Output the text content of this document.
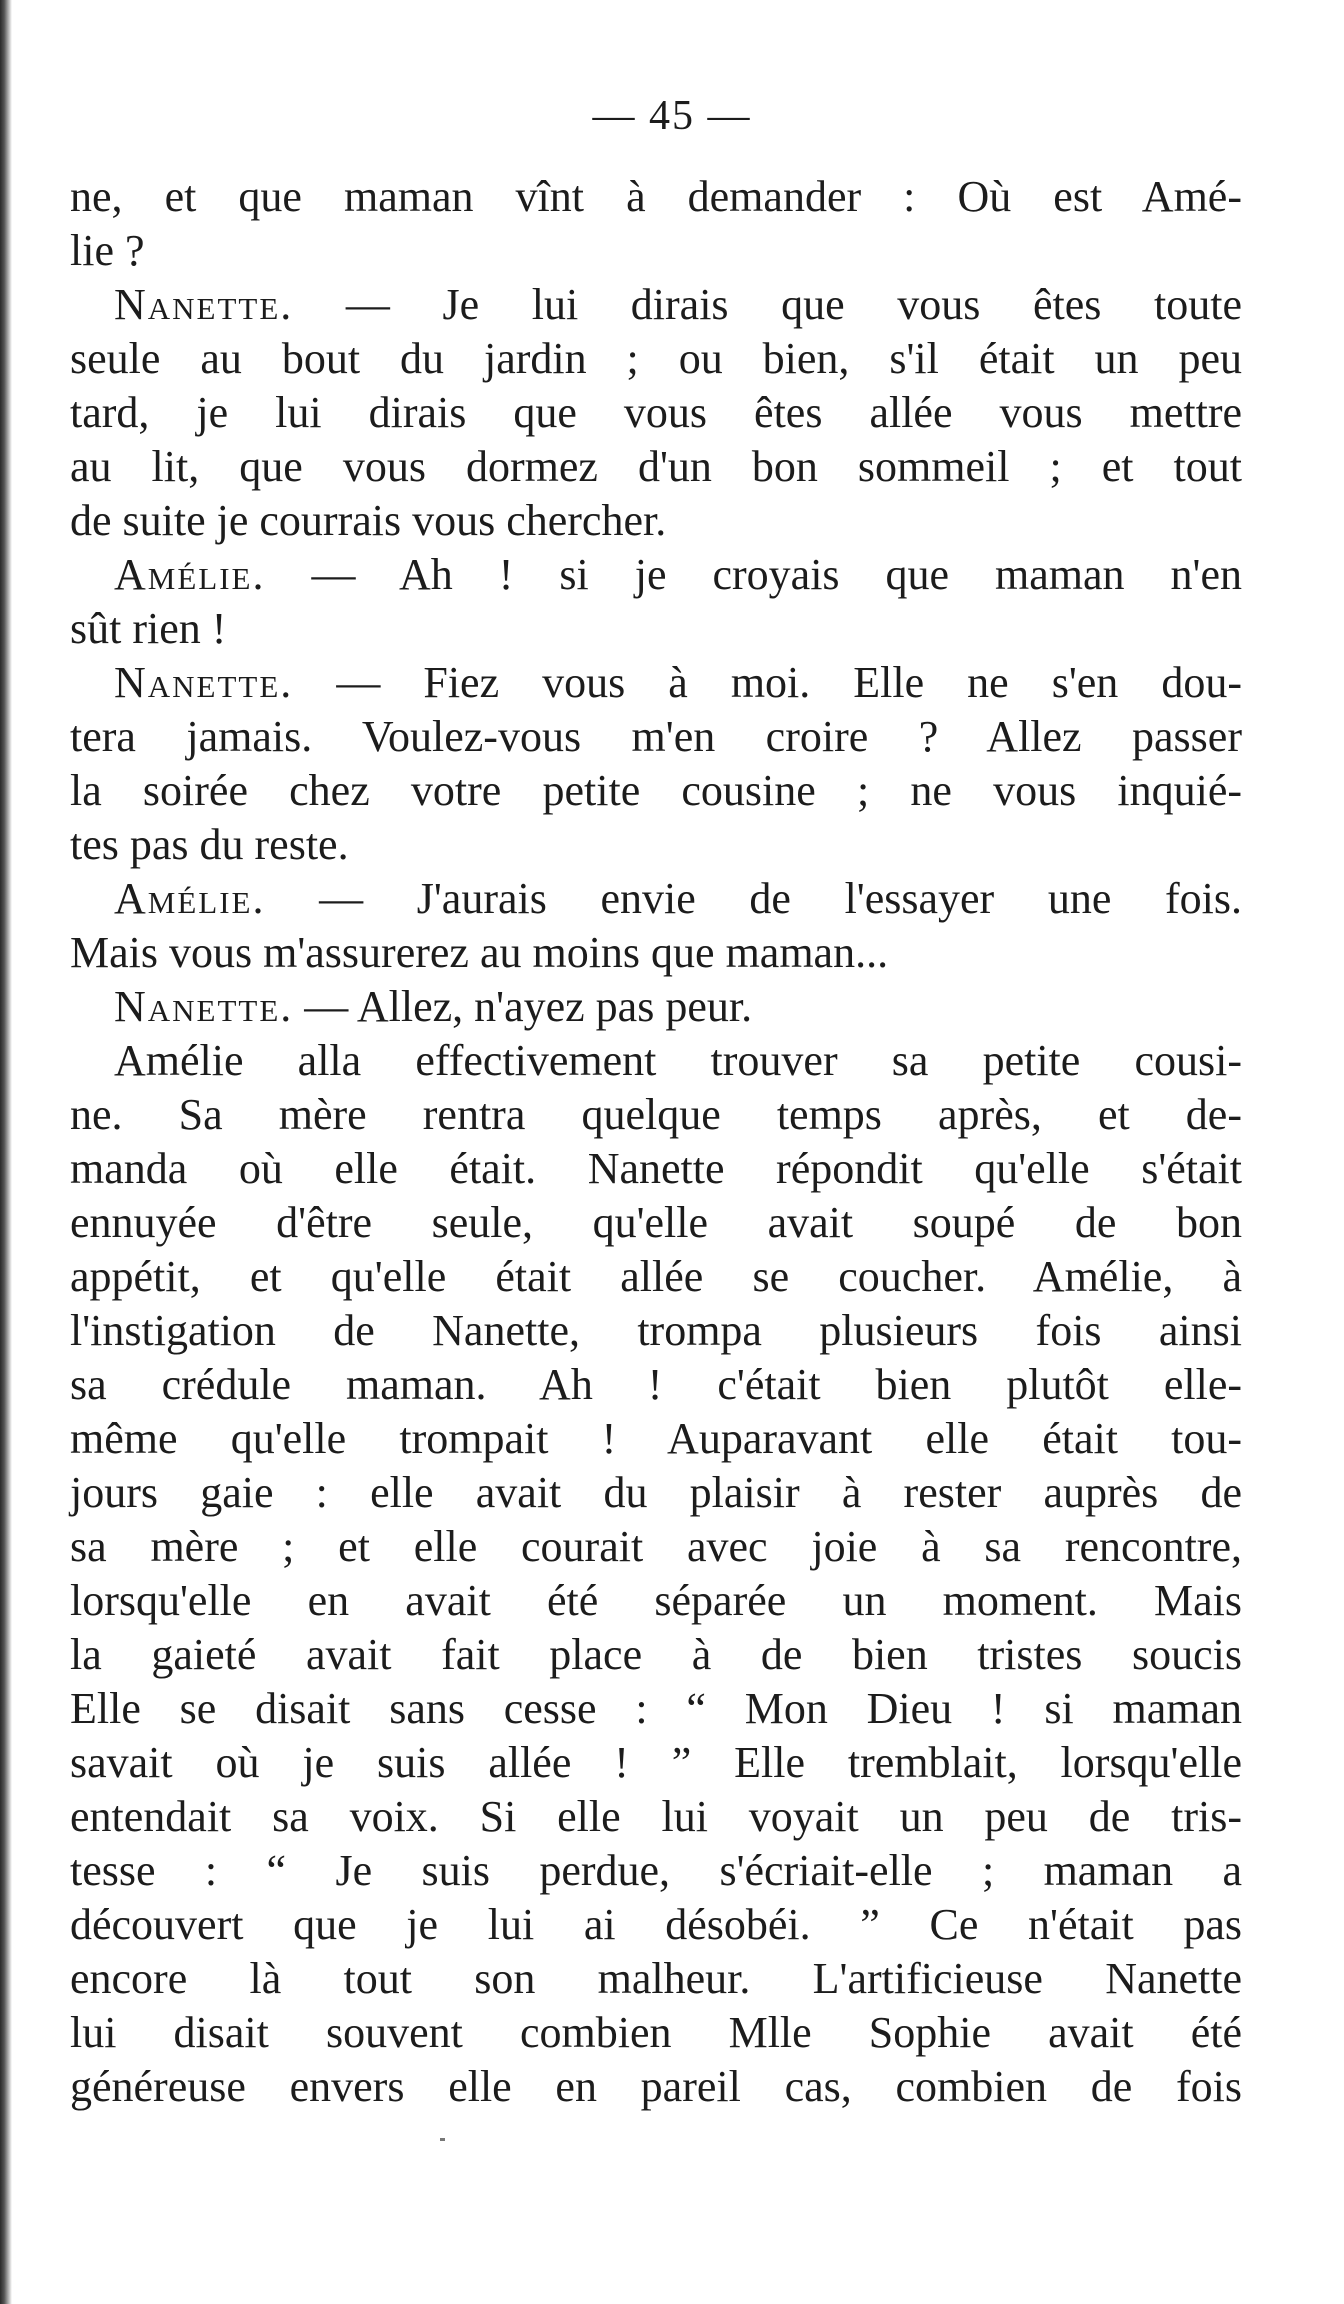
— 45 —
ne, et que maman vînt à demander : Où est Amé-
lie ?
Nanette. — Je lui dirais que vous êtes toute
seule au bout du jardin ; ou bien, s'il était un peu
tard, je lui dirais que vous êtes allée vous mettre
au lit, que vous dormez d'un bon sommeil ; et tout
de suite je courrais vous chercher.
Amélie. — Ah ! si je croyais que maman n'en
sût rien !
Nanette. — Fiez vous à moi. Elle ne s'en dou-
tera jamais. Voulez-vous m'en croire ? Allez passer
la soirée chez votre petite cousine ; ne vous inquié-
tes pas du reste.
Amélie. — J'aurais envie de l'essayer une fois.
Mais vous m'assurerez au moins que maman...
Nanette. — Allez, n'ayez pas peur.
Amélie alla effectivement trouver sa petite cousi-
ne. Sa mère rentra quelque temps après, et de-
manda où elle était. Nanette répondit qu'elle s'était
ennuyée d'être seule, qu'elle avait soupé de bon
appétit, et qu'elle était allée se coucher. Amélie, à
l'instigation de Nanette, trompa plusieurs fois ainsi
sa crédule maman. Ah ! c'était bien plutôt elle-
même qu'elle trompait ! Auparavant elle était tou-
jours gaie : elle avait du plaisir à rester auprès de
sa mère ; et elle courait avec joie à sa rencontre,
lorsqu'elle en avait été séparée un moment. Mais
la gaieté avait fait place à de bien tristes soucis
Elle se disait sans cesse : “ Mon Dieu ! si maman
savait où je suis allée ! ” Elle tremblait, lorsqu'elle
entendait sa voix. Si elle lui voyait un peu de tris-
tesse : “ Je suis perdue, s'écriait-elle ; maman a
découvert que je lui ai désobéi. ” Ce n'était pas
encore là tout son malheur. L'artificieuse Nanette
lui disait souvent combien Mlle Sophie avait été
généreuse envers elle en pareil cas, combien de fois
